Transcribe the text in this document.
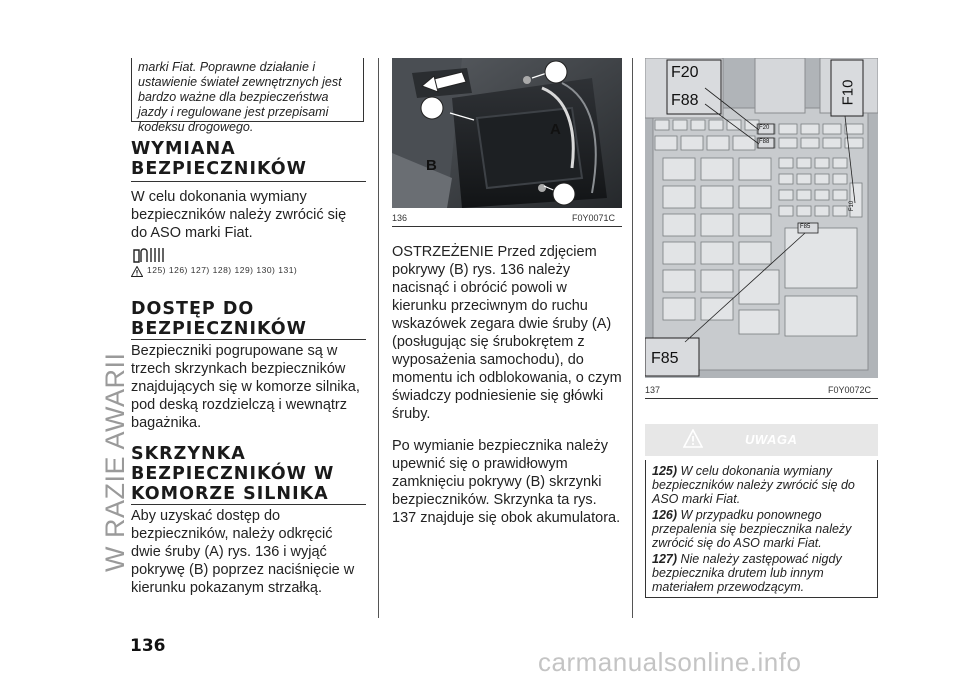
W RAZIE AWARII
marki Fiat. Poprawne działanie i ustawienie świateł zewnętrznych jest bardzo ważne dla bezpieczeństwa jazdy i regulowane jest przepisami kodeksu drogowego.
WYMIANA
BEZPIECZNIKÓW

W celu dokonania wymiany bezpieczników należy zwrócić się do ASO marki Fiat.

125) 126) 127) 128) 129) 130) 131)
DOSTĘP DO
BEZPIECZNIKÓW

Bezpieczniki pogrupowane są w trzech skrzynkach bezpieczników znajdujących się w komorze silnika, pod deską rozdzielczą i wewnątrz bagażnika.

SKRZYNKA
BEZPIECZNIKÓW W
KOMORZE SILNIKA

Aby uzyskać dostęp do bezpieczników, należy odkręcić dwie śruby (A) rys. 136 i wyjąć pokrywę (B) poprzez naciśnięcie w kierunku pokazanym strzałką.

A
B
136	F0Y0071C

OSTRZEŻENIE Przed zdjęciem pokrywy (B) rys. 136 należy nacisnąć i obrócić powoli w kierunku przeciwnym do ruchu wskazówek zegara dwie śruby (A) (posługując się śrubokrętem z wyposażenia samochodu), do momentu ich odblokowania, o czym świadczy podniesienie się główki śruby.

Po wymianie bezpiecznika należy upewnić się o prawidłowym zamknięciu pokrywy (B) skrzynki bezpieczników. Skrzynka ta rys. 137 znajduje się obok akumulatora.

F20
F88	F10
F85
F20
F88
F85
F10
137	F0Y0072C
UWAGA

125) W celu dokonania wymiany bezpieczników należy zwrócić się do ASO marki Fiat.

126) W przypadku ponownego przepalenia się bezpiecznika należy zwrócić się do ASO marki Fiat.

127) Nie należy zastępować nigdy bezpiecznika drutem lub innym materiałem przewodzącym.

136
carmanualsonline.info
